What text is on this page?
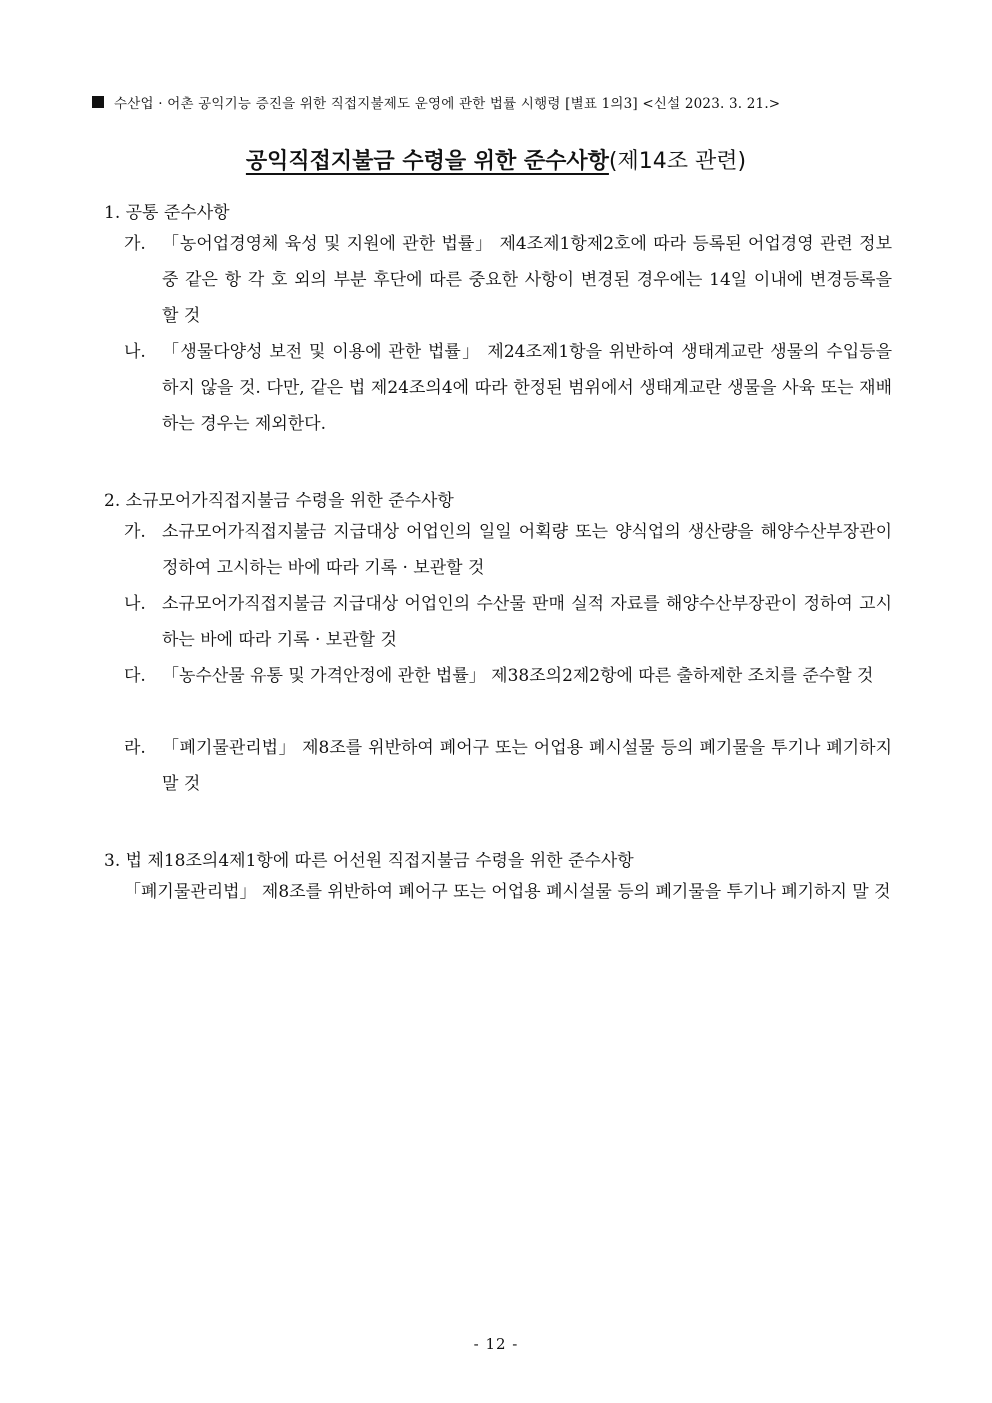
수산업 · 어촌 공익기능 증진을 위한 직접지불제도 운영에 관한 법률 시행령 [별표 1의3] <신설 2023. 3. 21.>
공익직접지불금 수령을 위한 준수사항(제14조 관련)
1. 공통 준수사항
가. 「농어업경영체 육성 및 지원에 관한 법률」 제4조제1항제2호에 따라 등록된 어업경영 관련 정보 중 같은 항 각 호 외의 부분 후단에 따른 중요한 사항이 변경된 경우에는 14일 이내에 변경등록을 할 것
나. 「생물다양성 보전 및 이용에 관한 법률」 제24조제1항을 위반하여 생태계교란 생물의 수입등을 하지 않을 것. 다만, 같은 법 제24조의4에 따라 한정된 범위에서 생태계교란 생물을 사육 또는 재배하는 경우는 제외한다.
2. 소규모어가직접지불금 수령을 위한 준수사항
가. 소규모어가직접지불금 지급대상 어업인의 일일 어획량 또는 양식업의 생산량을 해양수산부장관이 정하여 고시하는 바에 따라 기록 · 보관할 것
나. 소규모어가직접지불금 지급대상 어업인의 수산물 판매 실적 자료를 해양수산부장관이 정하여 고시하는 바에 따라 기록 · 보관할 것
다. 「농수산물 유통 및 가격안정에 관한 법률」 제38조의2제2항에 따른 출하제한 조치를 준수할 것
라. 「폐기물관리법」 제8조를 위반하여 폐어구 또는 어업용 폐시설물 등의 폐기물을 투기나 폐기하지 말 것
3. 법 제18조의4제1항에 따른 어선원 직접지불금 수령을 위한 준수사항
「폐기물관리법」 제8조를 위반하여 폐어구 또는 어업용 폐시설물 등의 폐기물을 투기나 폐기하지 말 것
- 12 -
